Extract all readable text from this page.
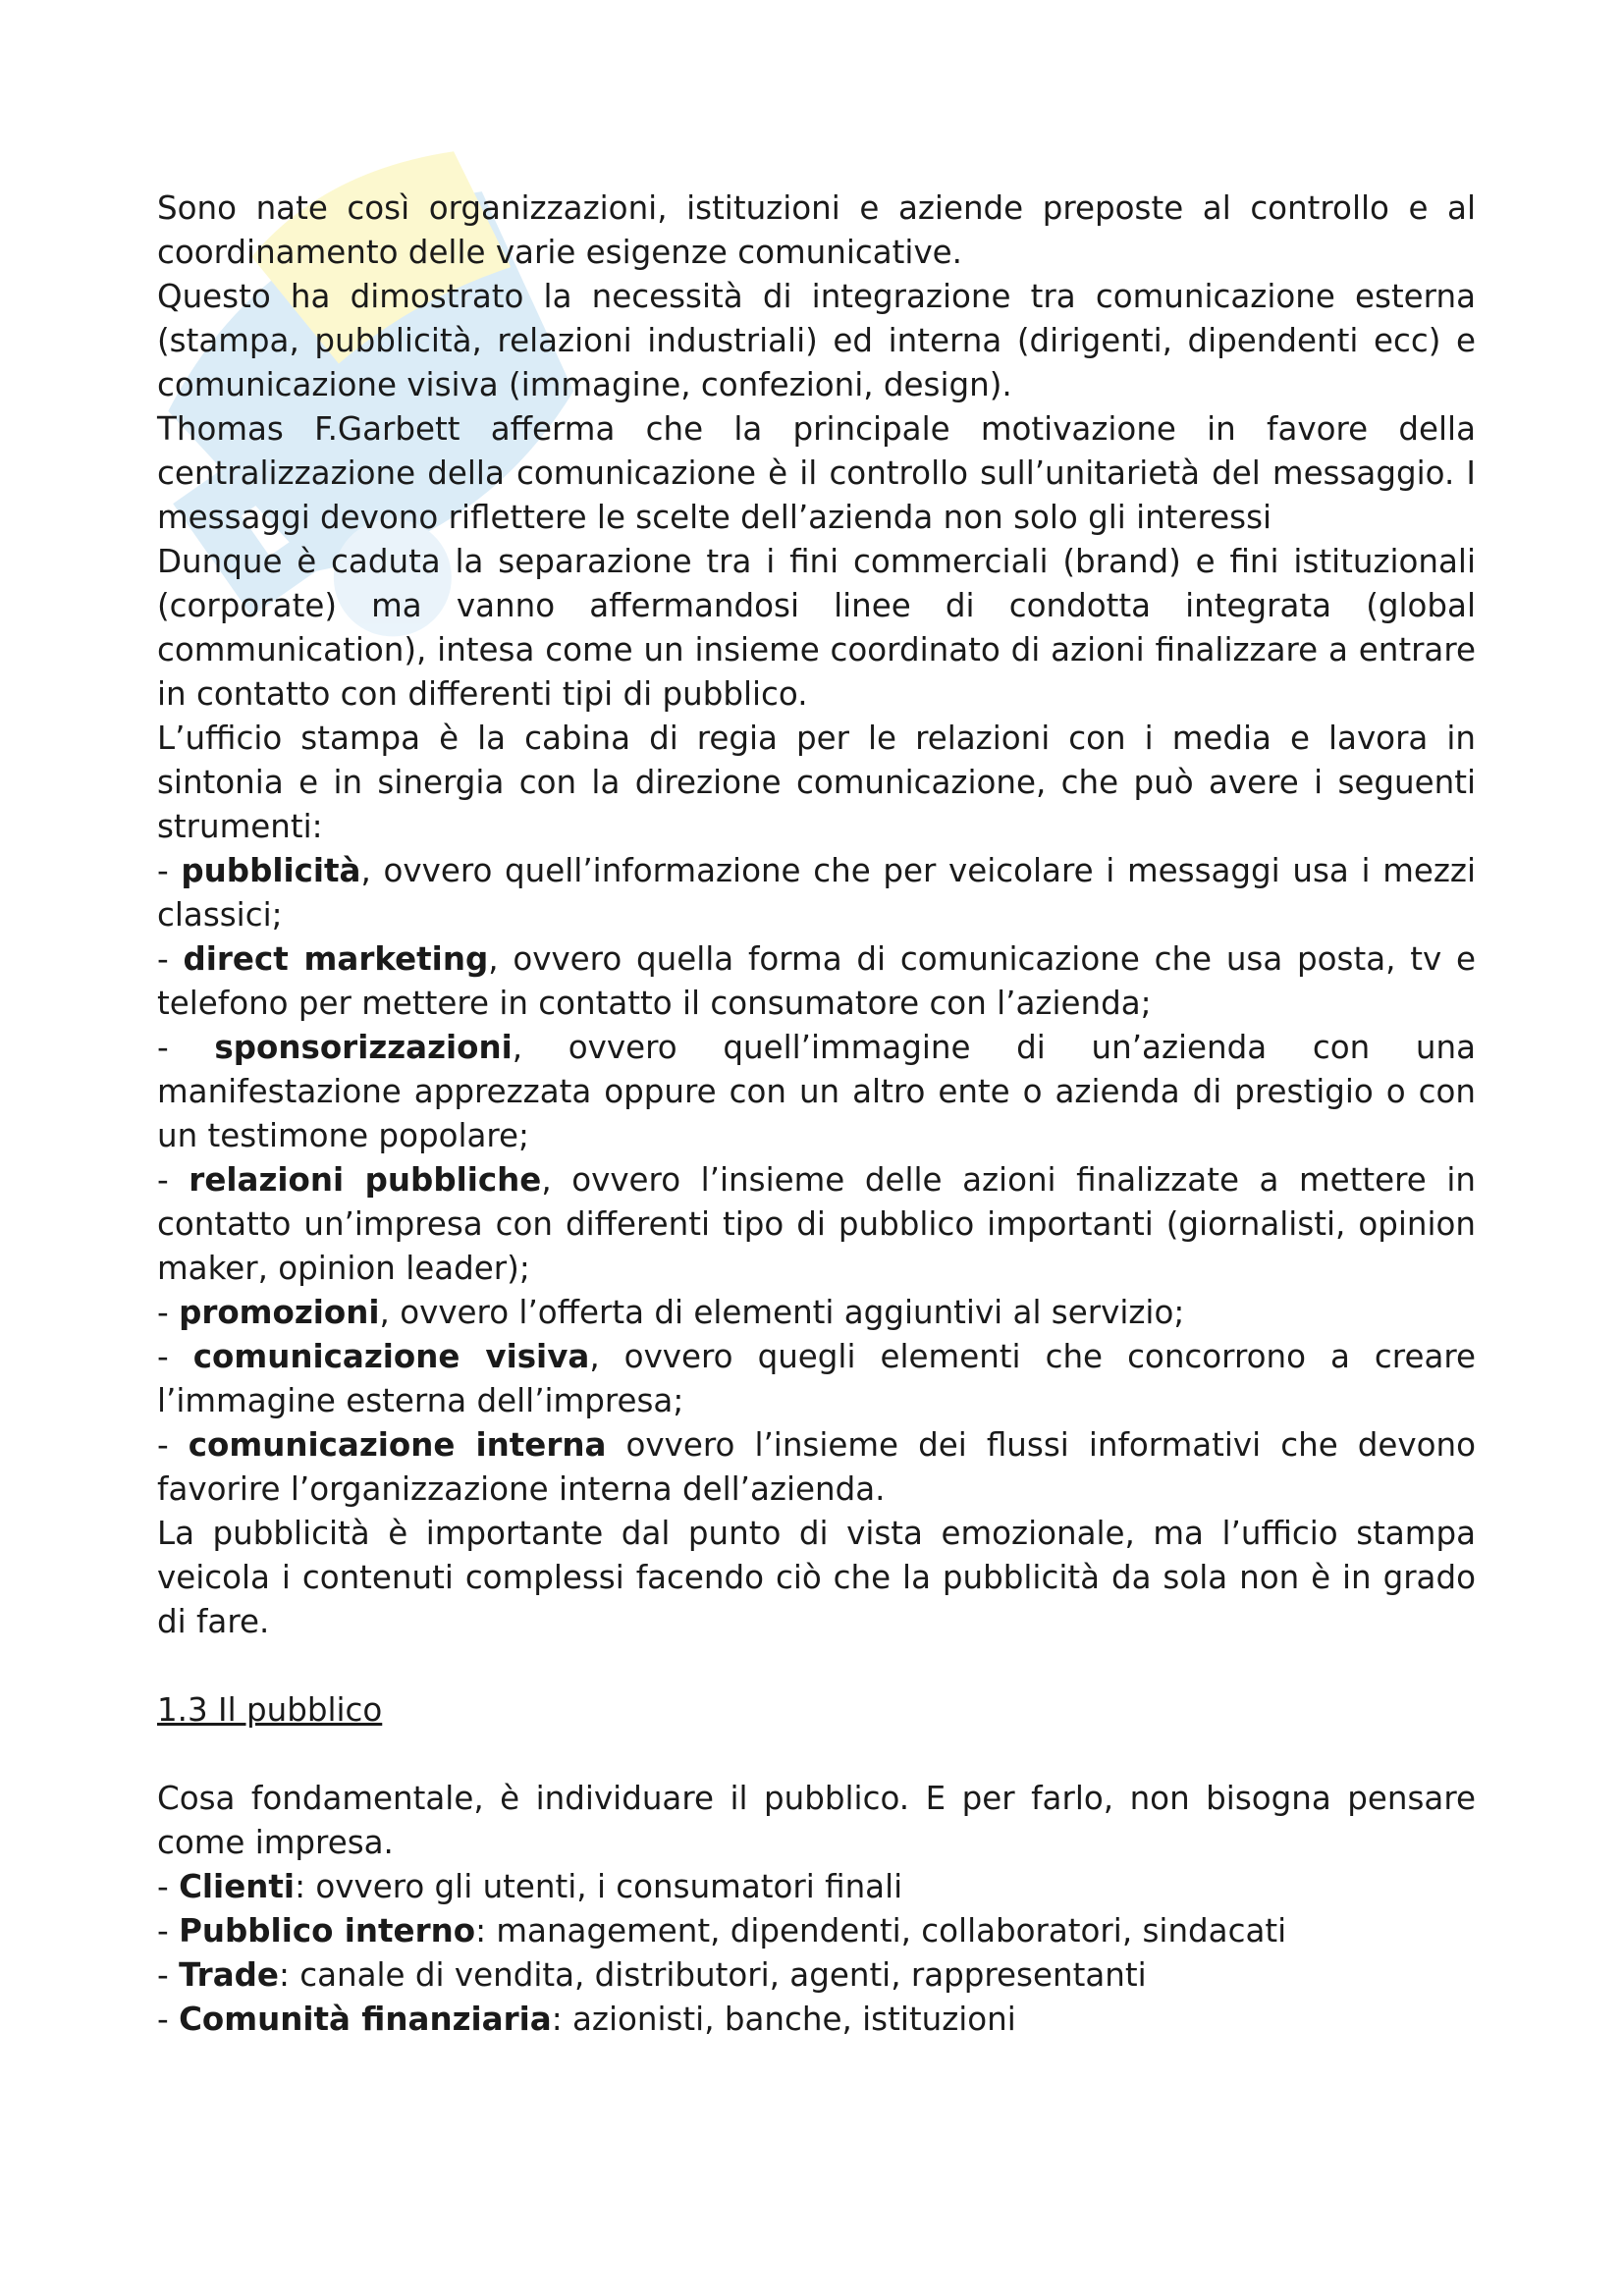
Sono nate così organizzazioni, istituzioni e aziende preposte al controllo e al coordinamento delle varie esigenze comunicative.

Questo ha dimostrato la necessità di integrazione tra comunicazione esterna (stampa, pubblicità, relazioni industriali) ed interna (dirigenti, dipendenti ecc) e comunicazione visiva (immagine, confezioni, design).

Thomas F.Garbett afferma che la principale motivazione in favore della centralizzazione della comunicazione è il controllo sull’unitarietà del messaggio. I messaggi devono riflettere le scelte dell’azienda non solo gli interessi

Dunque è caduta la separazione tra i fini commerciali (brand) e fini istituzionali (corporate) ma vanno affermandosi linee di condotta integrata (global communication), intesa come un insieme coordinato di azioni finalizzare a entrare in contatto con differenti tipi di pubblico.

L’ufficio stampa è la cabina di regia per le relazioni con i media e lavora in sintonia e in sinergia con la direzione comunicazione, che può avere i seguenti strumenti:

- pubblicità, ovvero quell’informazione che per veicolare i messaggi usa i mezzi classici;

- direct marketing, ovvero quella forma di comunicazione che usa posta, tv e telefono per mettere in contatto il consumatore con l’azienda;

- sponsorizzazioni, ovvero quell’immagine di un’azienda con una manifestazione apprezzata oppure con un altro ente o azienda di prestigio o con un testimone popolare;

- relazioni pubbliche, ovvero l’insieme delle azioni finalizzate a mettere in contatto un’impresa con differenti tipo di pubblico importanti (giornalisti, opinion maker, opinion leader);

- promozioni, ovvero l’offerta di elementi aggiuntivi al servizio;

- comunicazione visiva, ovvero quegli elementi che concorrono a creare l’immagine esterna dell’impresa;

- comunicazione interna ovvero l’insieme dei flussi informativi che devono favorire l’organizzazione interna dell’azienda.

La pubblicità è importante dal punto di vista emozionale, ma l’ufficio stampa veicola i contenuti complessi facendo ciò che la pubblicità da sola non è in grado di fare.

1.3 Il pubblico

Cosa fondamentale, è individuare il pubblico. E per farlo, non bisogna pensare come impresa.

- Clienti: ovvero gli utenti, i consumatori finali

- Pubblico interno: management, dipendenti, collaboratori, sindacati

- Trade: canale di vendita, distributori, agenti, rappresentanti

- Comunità finanziaria: azionisti, banche, istituzioni
